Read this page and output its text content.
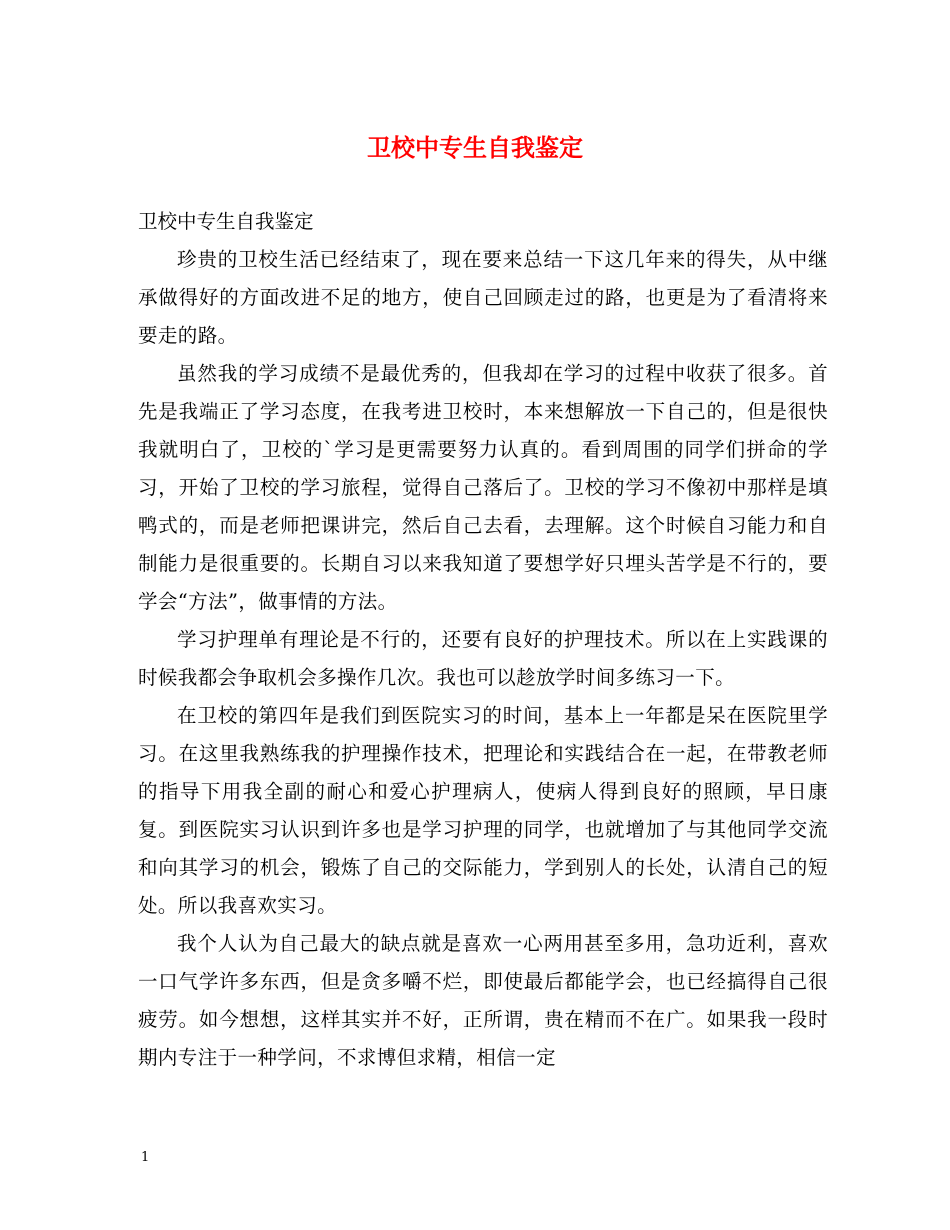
卫校中专生自我鉴定

卫校中专生自我鉴定

珍贵的卫校生活已经结束了，现在要来总结一下这几年来的得失，从中继承做得好的方面改进不足的地方，使自己回顾走过的路，也更是为了看清将来要走的路。

虽然我的学习成绩不是最优秀的，但我却在学习的过程中收获了很多。首先是我端正了学习态度，在我考进卫校时，本来想解放一下自己的，但是很快我就明白了，卫校的`学习是更需要努力认真的。看到周围的同学们拼命的学习，开始了卫校的学习旅程，觉得自己落后了。卫校的学习不像初中那样是填鸭式的，而是老师把课讲完，然后自己去看，去理解。这个时候自习能力和自制能力是很重要的。长期自习以来我知道了要想学好只埋头苦学是不行的，要学会“方法”，做事情的方法。

学习护理单有理论是不行的，还要有良好的护理技术。所以在上实践课的时候我都会争取机会多操作几次。我也可以趁放学时间多练习一下。

在卫校的第四年是我们到医院实习的时间，基本上一年都是呆在医院里学习。在这里我熟练我的护理操作技术，把理论和实践结合在一起，在带教老师的指导下用我全副的耐心和爱心护理病人，使病人得到良好的照顾，早日康复。到医院实习认识到许多也是学习护理的同学，也就增加了与其他同学交流和向其学习的机会，锻炼了自己的交际能力，学到别人的长处，认清自己的短处。所以我喜欢实习。

我个人认为自己最大的缺点就是喜欢一心两用甚至多用，急功近利，喜欢一口气学许多东西，但是贪多嚼不烂，即使最后都能学会，也已经搞得自己很疲劳。如今想想，这样其实并不好，正所谓，贵在精而不在广。如果我一段时期内专注于一种学问，不求博但求精，相信一定

1
